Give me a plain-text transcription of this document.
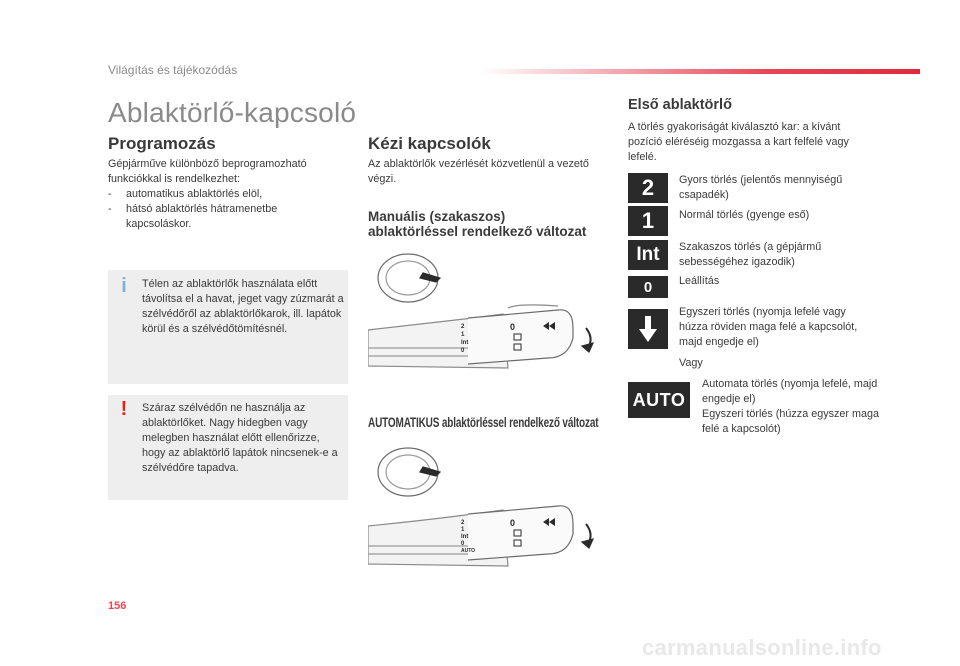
Világítás és tájékozódás
Ablaktörlő-kapcsoló
Programozás
Gépjárműve különböző beprogramozható funkciókkal is rendelkezhet:
- automatikus ablaktörlés elöl,
- hátsó ablaktörlés hátramenetbe kapcsoláskor.
i Télen az ablaktörlők használata előtt távolítsa el a havat, jeget vagy zúzmarát a szélvédőről az ablaktörlőkarok, ill. lapátok körül és a szélvédőtömítésnél.
! Száraz szélvédőn ne használja az ablaktörlőket. Nagy hidegben vagy melegben használat előtt ellenőrizze, hogy az ablaktörlő lapátok nincsenek-e a szélvédőre tapadva.
Kézi kapcsolók
Az ablaktörlők vezérlését közvetlenül a vezető végzi.
Manuális (szakaszos)
ablaktörléssel rendelkező változat
2
1
Int
0
0
AUTOMATIKUS ablaktörléssel rendelkező változat
2
1
Int
0
AUTO
0
Első ablaktörlő
A törlés gyakoriságát kiválasztó kar: a kívánt pozíció eléréséig mozgassa a kart felfelé vagy lefelé.
2	Gyors törlés (jelentős mennyiségű csapadék)
1	Normál törlés (gyenge eső)
Int	Szakaszos törlés (a gépjármű sebességéhez igazodik)
0	Leállítás
Egyszeri törlés (nyomja lefelé vagy húzza röviden maga felé a kapcsolót, majd engedje el)
Vagy
AUTO
Automata törlés (nyomja lefelé, majd engedje el)
Egyszeri törlés (húzza egyszer maga felé a kapcsolót)
156
carmanualsonline.info
